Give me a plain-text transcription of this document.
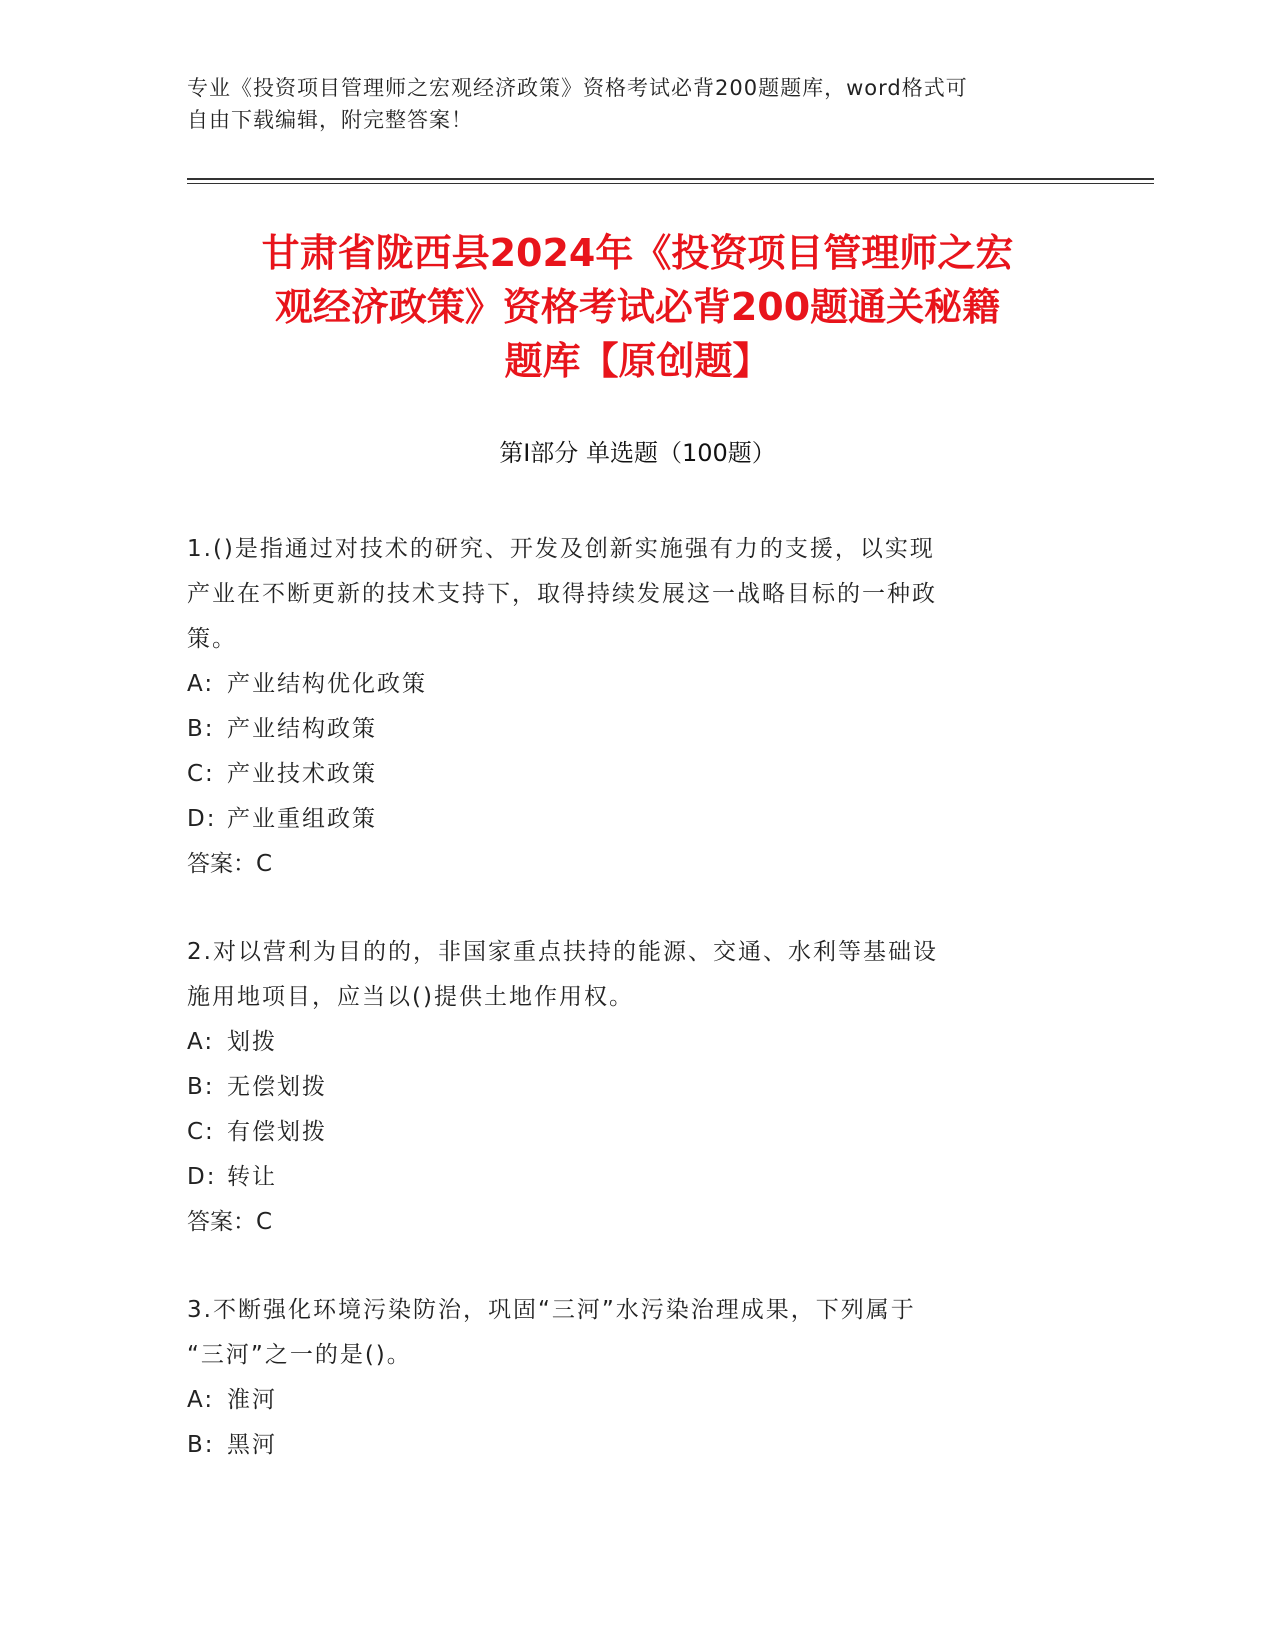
专业《投资项目管理师之宏观经济政策》资格考试必背200题题库，word格式可
自由下载编辑，附完整答案！
甘肃省陇西县2024年《投资项目管理师之宏
观经济政策》资格考试必背200题通关秘籍
题库【原创题】
第Ⅰ部分 单选题（100题）
1.()是指通过对技术的研究、开发及创新实施强有力的支援，以实现
产业在不断更新的技术支持下，取得持续发展这一战略目标的一种政
策。
A: 产业结构优化政策
B: 产业结构政策
C: 产业技术政策
D: 产业重组政策
答案：C
2.对以营利为目的的，非国家重点扶持的能源、交通、水利等基础设
施用地项目，应当以()提供土地作用权。
A: 划拨
B: 无偿划拨
C: 有偿划拨
D: 转让
答案：C
3.不断强化环境污染防治，巩固“三河”水污染治理成果，下列属于
“三河”之一的是()。
A: 淮河
B: 黑河
